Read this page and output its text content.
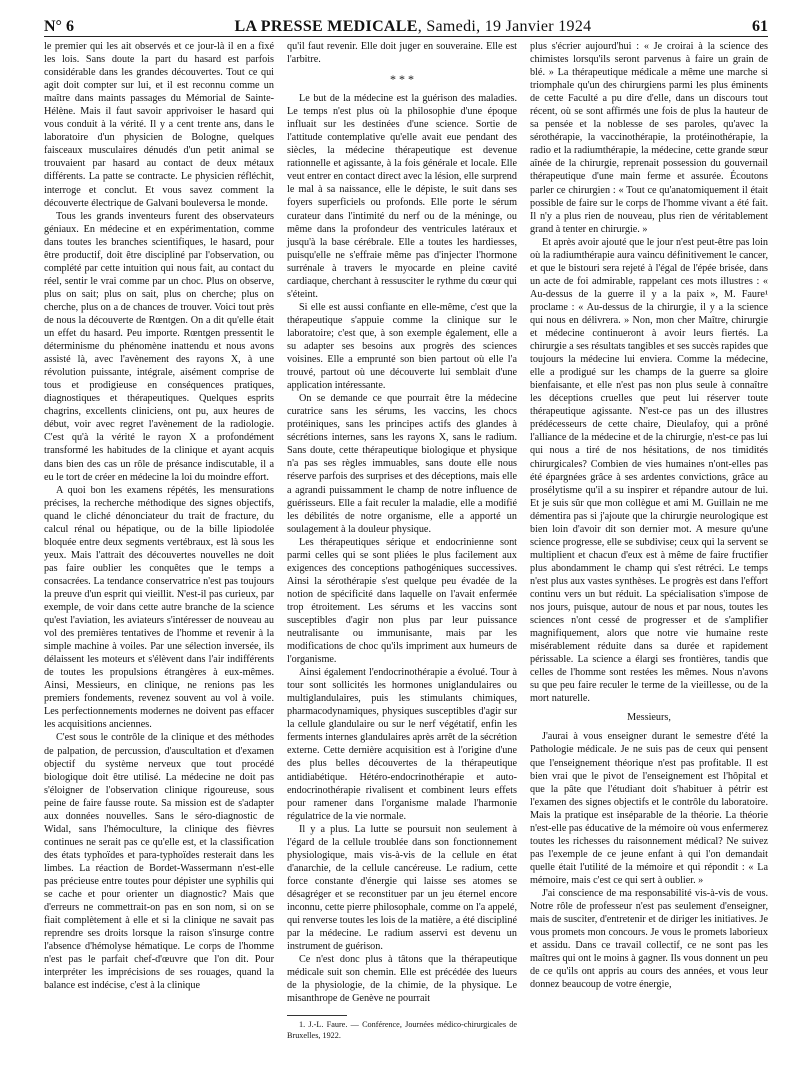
N° 6	LA PRESSE MEDICALE, Samedi, 19 Janvier 1924	61

le premier qui les ait observés et ce jour-là il en a fixé les lois. Sans doute la part du hasard est parfois considérable dans les grandes découvertes. Tout ce qui agit doit compter sur lui, et il est reconnu comme un maître dans maints passages du Mémorial de Sainte-Hélène. Mais il faut savoir apprivoiser le hasard qui vous conduit à la vérité. Il y a cent trente ans, dans le laboratoire d'un physicien de Bologne, quelques faisceaux musculaires dénudés d'un petit animal se trouvaient par hasard au contact de deux métaux différents. La patte se contracte. Le physicien réfléchit, interroge et conclut. Et vous savez comment la découverte électrique de Galvani bouleversa le monde.

Tous les grands inventeurs furent des observateurs géniaux. En médecine et en expérimentation, comme dans toutes les branches scientifiques, le hasard, pour être productif, doit être discipliné par l'observation, ou complété par cette intuition qui nous fait, au contact du réel, sentir le vrai comme par un choc. Plus on observe, plus on sait; plus on sait, plus on cherche; plus on cherche, plus on a de chances de trouver. Voici tout près de nous la découverte de Rœntgen. On a dit qu'elle était un effet du hasard. Peu importe. Rœntgen pressentit le déterminisme du phénomène inattendu et nous avons assisté là, avec l'avènement des rayons X, à une révolution puissante, intégrale, aisément comprise de tous et prodigieuse en conséquences pratiques, diagnostiques et thérapeutiques. Quelques esprits chagrins, excellents cliniciens, ont pu, aux heures de début, voir avec regret l'avènement de la radiologie. C'est qu'à la vérité le rayon X a profondément transformé les habitudes de la clinique et ayant acquis dans bien des cas un rôle de présance indiscutable, il a eu le tort de créer en médecine la loi du moindre effort.

A quoi bon les examens répétés, les mensurations précises, la recherche méthodique des signes objectifs, quand le cliché dénonciateur du trait de fracture, du calcul rénal ou hépatique, ou de la bille lipiodolée bloquée entre deux segments vertébraux, est là sous les yeux. Mais l'attrait des découvertes nouvelles ne doit pas faire oublier les conquêtes que le temps a consacrées. La tendance conservatrice n'est pas toujours la preuve d'un esprit qui vieillit. N'est-il pas curieux, par exemple, de voir dans cette autre branche de la science qu'est l'aviation, les aviateurs s'intéresser de nouveau au vol des premières tentatives de l'homme et revenir à la simple machine à voiles. Par une sélection inversée, ils délaissent les moteurs et s'élèvent dans l'air indifférents de toutes les propulsions étrangères à eux-mêmes. Ainsi, Messieurs, en clinique, ne renions pas les premiers fondements, revenez souvent au vol à voile. Les perfectionnements modernes ne doivent pas effacer les acquisitions anciennes.

C'est sous le contrôle de la clinique et des méthodes de palpation, de percussion, d'auscultation et d'examen objectif du système nerveux que tout procédé biologique doit être utilisé. La médecine ne doit pas s'éloigner de l'observation clinique rigoureuse, sous peine de faire fausse route. Sa mission est de s'adapter aux données nouvelles. Sans le séro-diagnostic de Widal, sans l'hémoculture, la clinique des fièvres continues ne serait pas ce qu'elle est, et la classification des états typhoïdes et para-typhoïdes resterait dans les limbes. La réaction de Bordet-Wassermann n'est-elle pas précieuse entre toutes pour dépister une syphilis qui se cache et pour orienter un diagnostic? Mais que d'erreurs ne commettrait-on pas en son nom, si on se fiait complètement à elle et si la clinique ne savait pas reprendre ses droits lorsque la raison s'insurge contre l'absence d'hémolyse hématique. Le corps de l'homme n'est pas le parfait chef-d'œuvre que l'on dit. Pour interpréter les imprécisions de ses rouages, quand la balance est indécise, c'est à la clinique

qu'il faut revenir. Elle doit juger en souveraine. Elle est l'arbitre.

* * *

Le but de la médecine est la guérison des maladies. Le temps n'est plus où la philosophie d'une époque influait sur les destinées d'une science. Sortie de l'attitude contemplative qu'elle avait eue pendant des siècles, la médecine thérapeutique est devenue rationnelle et agissante, à la fois générale et locale. Elle veut entrer en contact direct avec la lésion, elle surprend le mal à sa naissance, elle le dépiste, le suit dans ses foyers superficiels ou profonds. Elle porte le sérum curateur dans l'intimité du nerf ou de la méninge, ou même dans la profondeur des ventricules latéraux et jusqu'à la base cérébrale. Elle a toutes les hardiesses, puisqu'elle ne s'effraie même pas d'injecter l'hormone surrénale à travers le myocarde en pleine cavité cardiaque, cherchant à ressusciter le rythme du cœur qui s'éteint.

Si elle est aussi confiante en elle-même, c'est que la thérapeutique s'appuie comme la clinique sur le laboratoire; c'est que, à son exemple également, elle a su adapter ses besoins aux progrès des sciences voisines. Elle a emprunté son bien partout où elle l'a trouvé, partout où une découverte lui semblait d'une application intéressante.

On se demande ce que pourrait être la médecine curatrice sans les sérums, les vaccins, les chocs protéiniques, sans les principes actifs des glandes à sécrétions internes, sans les rayons X, sans le radium. Sans doute, cette thérapeutique biologique et physique n'a pas ses règles immuables, sans doute elle nous réserve parfois des surprises et des déceptions, mais elle a agrandi puissamment le champ de notre influence de guérisseurs. Elle a fait reculer la maladie, elle a modifié les débilités de notre organisme, elle a apporté un soulagement à la douleur physique.

Les thérapeutiques sérique et endocrinienne sont parmi celles qui se sont pliées le plus facilement aux exigences des conceptions pathogéniques successives. Ainsi la sérothérapie s'est quelque peu évadée de la notion de spécificité dans laquelle on l'avait enfermée trop étroitement. Les sérums et les vaccins sont susceptibles d'agir non plus par leur puissance neutralisante ou immunisante, mais par les modifications de choc qu'ils impriment aux humeurs de l'organisme.

Ainsi également l'endocrinothérapie a évolué. Tour à tour sont sollicités les hormones uniglandulaires ou multiglandulaires, puis les stimulants chimiques, pharmacodynamiques, physiques susceptibles d'agir sur la cellule glandulaire ou sur le nerf végétatif, enfin les ferments internes glandulaires après arrêt de la sécrétion externe. Cette dernière acquisition est à l'origine d'une des plus belles découvertes de la thérapeutique antidiabétique. Hétéro-endocrinothérapie et auto-endocrinothérapie rivalisent et combinent leurs effets pour ramener dans l'organisme malade l'harmonie régulatrice de la vie normale.

Il y a plus. La lutte se poursuit non seulement à l'égard de la cellule troublée dans son fonctionnement physiologique, mais vis-à-vis de la cellule en état d'anarchie, de la cellule cancéreuse. Le radium, cette force constante d'énergie qui laisse ses atomes se désagréger et se reconstituer par un jeu éternel encore inconnu, cette pierre philosophale, comme on l'a appelé, qui renverse toutes les lois de la matière, a été discipliné par la médecine. Le radium asservi est devenu un instrument de guérison.

Ce n'est donc plus à tâtons que la thérapeutique médicale suit son chemin. Elle est précédée des lueurs de la physiologie, de la chimie, de la physique. Le misanthrope de Genève ne pourrait

1. J.-L. Faure. — Conférence, Journées médico-chirurgicales de Bruxelles, 1922.

plus s'écrier aujourd'hui : « Je croirai à la science des chimistes lorsqu'ils seront parvenus à faire un grain de blé. » La thérapeutique médicale a même une marche si triomphale qu'un des chirurgiens parmi les plus éminents de cette Faculté a pu dire d'elle, dans un discours tout récent, où se sont affirmés une fois de plus la hauteur de sa pensée et la noblesse de ses paroles, qu'avec la sérothérapie, la vaccinothérapie, la protéinothérapie, la radio et la radiumthérapie, la médecine, cette grande sœur aînée de la chirurgie, reprenait possession du gouvernail thérapeutique d'une main ferme et assurée. Écoutons parler ce chirurgien : « Tout ce qu'anatomiquement il était possible de faire sur le corps de l'homme vivant a été fait. Il n'y a plus rien de nouveau, plus rien de véritablement grand à tenter en chirurgie. »

Et après avoir ajouté que le jour n'est peut-être pas loin où la radiumthérapie aura vaincu définitivement le cancer, et que le bistouri sera rejeté à l'égal de l'épée brisée, dans un acte de foi admirable, rappelant ces mots illustres : « Au-dessus de la guerre il y a la paix », M. Faure¹ proclame : « Au-dessus de la chirurgie, il y a la science qui nous en délivrera. » Non, mon cher Maître, chirurgie et médecine continueront à avoir leurs fiertés. La chirurgie a ses résultats tangibles et ses succès rapides que toujours la médecine lui enviera. Comme la médecine, elle a prodigué sur les champs de la guerre sa gloire bienfaisante, et elle n'est pas non plus seule à connaître les déceptions cruelles que peut lui réserver toute thérapeutique agissante. N'est-ce pas un des illustres prédécesseurs de cette chaire, Dieulafoy, qui a prôné l'alliance de la médecine et de la chirurgie, n'est-ce pas lui qui nous a tiré de nos hésitations, de nos timidités chirurgicales? Combien de vies humaines n'ont-elles pas été épargnées grâce à ses ardentes convictions, grâce au prosélytisme qu'il a su inspirer et répandre autour de lui. Et je suis sûr que mon collègue et ami M. Guillain ne me démentira pas si j'ajoute que la chirurgie neurologique est bien loin d'avoir dit son dernier mot. A mesure qu'une science progresse, elle se subdivise; ceux qui la servent se multiplient et chacun d'eux est à même de faire fructifier plus abondamment le champ qui s'est rétréci. Le temps n'est plus aux vastes synthèses. Le progrès est dans l'effort continu vers un but réduit. La spécialisation s'impose de nos jours, puisque, autour de nous et par nous, toutes les sciences n'ont cessé de progresser et de s'amplifier magnifiquement, alors que notre vie humaine reste misérablement réduite dans sa durée et rapidement périssable. La science a élargi ses frontières, tandis que celles de l'homme sont restées les mêmes. Nous n'avons su que peu faire reculer le terme de la vieillesse, ou de la mort naturelle.

Messieurs,

J'aurai à vous enseigner durant le semestre d'été la Pathologie médicale. Je ne suis pas de ceux qui pensent que l'enseignement théorique n'est pas profitable. Il est bien vrai que le pivot de l'enseignement est l'hôpital et que la pâte que l'étudiant doit s'habituer à pétrir est l'examen des signes objectifs et le contrôle du laboratoire. Mais la pratique est inséparable de la théorie. La théorie n'est-elle pas éducative de la mémoire où vous enfermerez toutes les richesses du raisonnement médical? Ne suivez pas l'exemple de ce jeune enfant à qui l'on demandait quelle était l'utilité de la mémoire et qui répondit : « La mémoire, mais c'est ce qui sert à oublier. »

J'ai conscience de ma responsabilité vis-à-vis de vous. Notre rôle de professeur n'est pas seulement d'enseigner, mais de susciter, d'entretenir et de diriger les initiatives. Je vous promets mon concours. Je vous le promets laborieux et assidu. Dans ce travail collectif, ce ne sont pas les maîtres qui ont le moins à gagner. Ils vous donnent un peu de ce qu'ils ont appris au cours des années, et vous leur donnez beaucoup de votre énergie,
